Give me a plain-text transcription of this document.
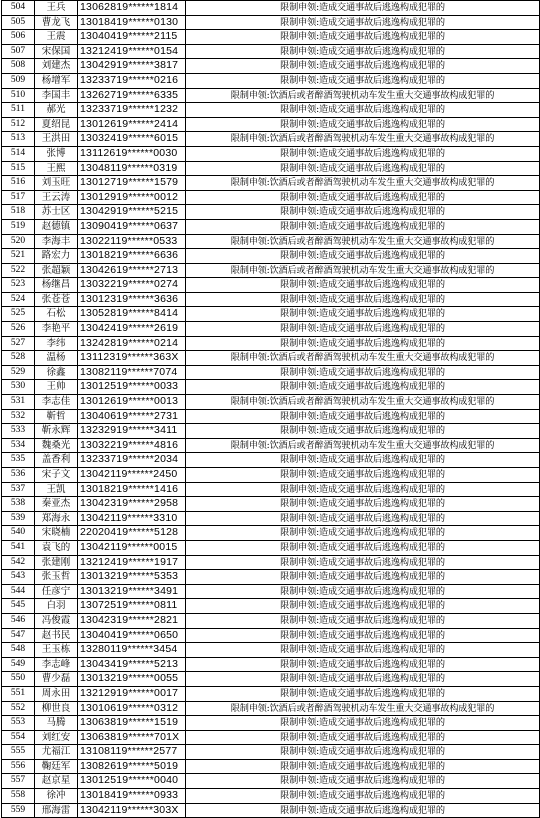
504	王兵	13062819******1814	限制申领:造成交通事故后逃逸构成犯罪的
505	曹龙飞	13018419******0130	限制申领:造成交通事故后逃逸构成犯罪的
506	王震	13040419******2115	限制申领:造成交通事故后逃逸构成犯罪的
507	宋保国	13212419******0154	限制申领:造成交通事故后逃逸构成犯罪的
508	刘建杰	13042919******3817	限制申领:造成交通事故后逃逸构成犯罪的
509	杨增军	13233719******0216	限制申领:造成交通事故后逃逸构成犯罪的
510	李国丰	13262719******6335	限制申领:饮酒后或者醉酒驾驶机动车发生重大交通事故构成犯罪的
511	郝光	13233719******1232	限制申领:造成交通事故后逃逸构成犯罪的
512	夏绍昆	13012619******2414	限制申领:造成交通事故后逃逸构成犯罪的
513	王洪田	13032419******6015	限制申领:饮酒后或者醉酒驾驶机动车发生重大交通事故构成犯罪的
514	张博	13112619******0030	限制申领:造成交通事故后逃逸构成犯罪的
515	王熙	13048119******0319	限制申领:造成交通事故后逃逸构成犯罪的
516	刘玉旺	13012719******1579	限制申领:饮酒后或者醉酒驾驶机动车发生重大交通事故构成犯罪的
517	王云涛	13012919******0012	限制申领:造成交通事故后逃逸构成犯罪的
518	苏士区	13042919******5215	限制申领:造成交通事故后逃逸构成犯罪的
519	赵德镇	13090419******0637	限制申领:造成交通事故后逃逸构成犯罪的
520	李海丰	13022119******0533	限制申领:饮酒后或者醉酒驾驶机动车发生重大交通事故构成犯罪的
521	路宏力	13018219******6636	限制申领:造成交通事故后逃逸构成犯罪的
522	张超颖	13042619******2713	限制申领:饮酒后或者醉酒驾驶机动车发生重大交通事故构成犯罪的
523	杨继昌	13032219******0274	限制申领:造成交通事故后逃逸构成犯罪的
524	张苍苍	13012319******3636	限制申领:造成交通事故后逃逸构成犯罪的
525	石松	13052819******8414	限制申领:造成交通事故后逃逸构成犯罪的
526	李艳平	13042419******2619	限制申领:造成交通事故后逃逸构成犯罪的
527	李纬	13242819******0214	限制申领:造成交通事故后逃逸构成犯罪的
528	温杨	13112319******363X	限制申领:饮酒后或者醉酒驾驶机动车发生重大交通事故构成犯罪的
529	徐鑫	13082119******7074	限制申领:造成交通事故后逃逸构成犯罪的
530	王帅	13012519******0033	限制申领:造成交通事故后逃逸构成犯罪的
531	李志佳	13012619******0013	限制申领:饮酒后或者醉酒驾驶机动车发生重大交通事故构成犯罪的
532	靳哲	13040619******2731	限制申领:造成交通事故后逃逸构成犯罪的
533	靳永辉	13232919******3411	限制申领:造成交通事故后逃逸构成犯罪的
534	魏桑光	13032219******4816	限制申领:饮酒后或者醉酒驾驶机动车发生重大交通事故构成犯罪的
535	盖香利	13233719******2034	限制申领:造成交通事故后逃逸构成犯罪的
536	宋子文	13042119******2450	限制申领:造成交通事故后逃逸构成犯罪的
537	王凯	13018219******1416	限制申领:造成交通事故后逃逸构成犯罪的
538	秦亚杰	13042319******2958	限制申领:造成交通事故后逃逸构成犯罪的
539	郑海永	13042119******3310	限制申领:造成交通事故后逃逸构成犯罪的
540	宋晓楠	22020419******5128	限制申领:造成交通事故后逃逸构成犯罪的
541	袁飞的	13042119******0015	限制申领:造成交通事故后逃逸构成犯罪的
542	张建刚	13212419******1917	限制申领:造成交通事故后逃逸构成犯罪的
543	张玉哲	13013219******5353	限制申领:造成交通事故后逃逸构成犯罪的
544	任彦宁	13013219******3491	限制申领:造成交通事故后逃逸构成犯罪的
545	白羽	13072519******0811	限制申领:造成交通事故后逃逸构成犯罪的
546	冯俊霞	13042319******2821	限制申领:造成交通事故后逃逸构成犯罪的
547	赵书民	13040419******0650	限制申领:造成交通事故后逃逸构成犯罪的
548	王玉栋	13280119******3454	限制申领:造成交通事故后逃逸构成犯罪的
549	李志峰	13043419******5213	限制申领:造成交通事故后逃逸构成犯罪的
550	曹少磊	13013219******0055	限制申领:造成交通事故后逃逸构成犯罪的
551	周永田	13212919******0017	限制申领:造成交通事故后逃逸构成犯罪的
552	柳世良	13010619******0312	限制申领:饮酒后或者醉酒驾驶机动车发生重大交通事故构成犯罪的
553	马腾	13063819******1519	限制申领:造成交通事故后逃逸构成犯罪的
554	刘红安	13063819******701X	限制申领:造成交通事故后逃逸构成犯罪的
555	尤福江	13108119******2577	限制申领:造成交通事故后逃逸构成犯罪的
556	鞠廷军	13082619******5019	限制申领:造成交通事故后逃逸构成犯罪的
557	赵京星	13012519******0040	限制申领:造成交通事故后逃逸构成犯罪的
558	徐冲	13018419******0933	限制申领:造成交通事故后逃逸构成犯罪的
559	邢海雷	13042119******303X	限制申领:造成交通事故后逃逸构成犯罪的
